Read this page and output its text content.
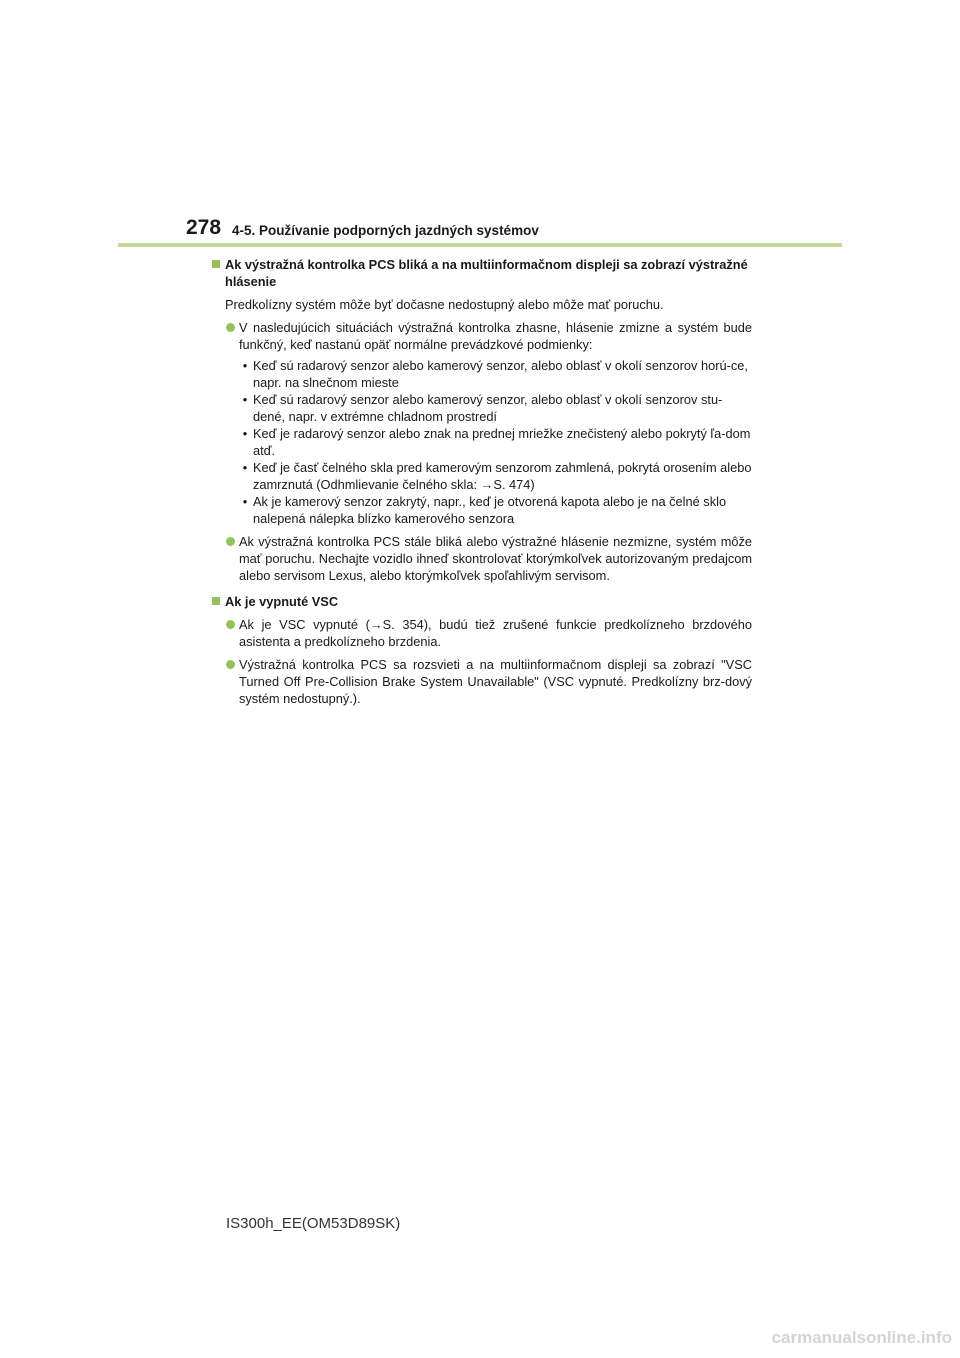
278 4-5. Používanie podporných jazdných systémov
Ak výstražná kontrolka PCS bliká a na multiinformačnom displeji sa zobrazí výstražné hlásenie
Predkolízny systém môže byť dočasne nedostupný alebo môže mať poruchu.
V nasledujúcich situáciách výstražná kontrolka zhasne, hlásenie zmizne a systém bude funkčný, keď nastanú opäť normálne prevádzkové podmienky:
• Keď sú radarový senzor alebo kamerový senzor, alebo oblasť v okolí senzorov horú-ce, napr. na slnečnom mieste
• Keď sú radarový senzor alebo kamerový senzor, alebo oblasť v okolí senzorov stu-dené, napr. v extrémne chladnom prostredí
• Keď je radarový senzor alebo znak na prednej mriežke znečistený alebo pokrytý ľa-dom atď.
• Keď je časť čelného skla pred kamerovým senzorom zahmlená, pokrytá orosením alebo zamrznutá (Odhmlievanie čelného skla: →S. 474)
• Ak je kamerový senzor zakrytý, napr., keď je otvorená kapota alebo je na čelné sklo nalepená nálepka blízko kamerového senzora
Ak výstražná kontrolka PCS stále bliká alebo výstražné hlásenie nezmizne, systém môže mať poruchu. Nechajte vozidlo ihneď skontrolovať ktorýmkoľvek autorizovaným predajcom alebo servisom Lexus, alebo ktorýmkoľvek spoľahlivým servisom.
Ak je vypnuté VSC
Ak je VSC vypnuté (→S. 354), budú tiež zrušené funkcie predkolízneho brzdového asistenta a predkolízneho brzdenia.
Výstražná kontrolka PCS sa rozsvieti a na multiinformačnom displeji sa zobrazí "VSC Turned Off Pre-Collision Brake System Unavailable" (VSC vypnuté. Predkolízny brz-dový systém nedostupný.).
IS300h_EE(OM53D89SK)
carmanualsonline.info
